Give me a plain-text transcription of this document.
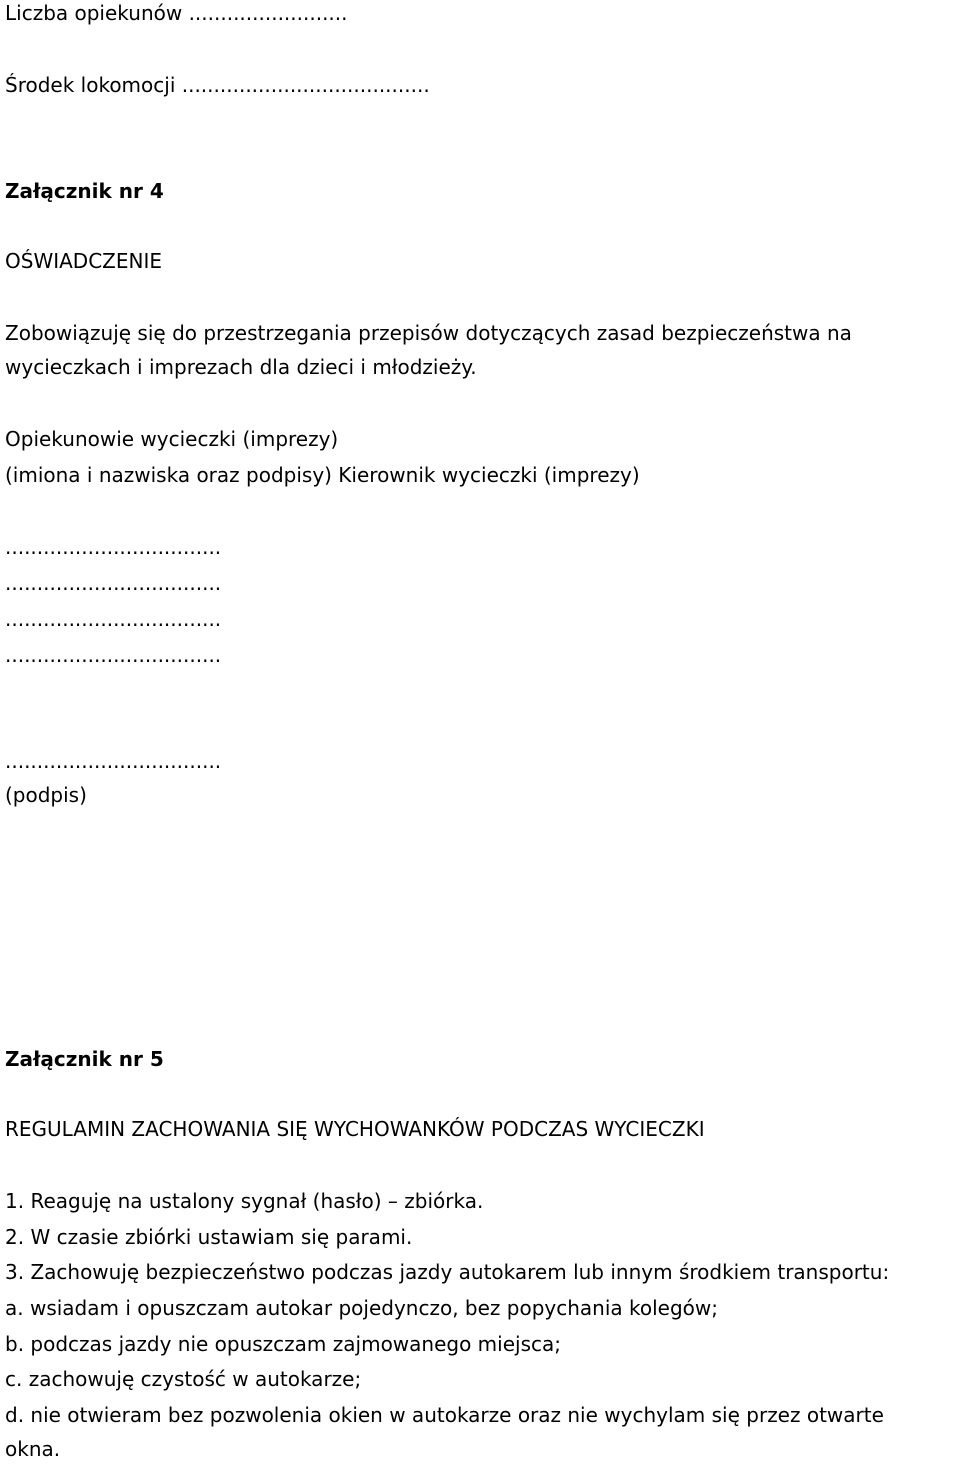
Liczba opiekunów .........................

Środek lokomocji .......................................

Załącznik nr 4

OŚWIADCZENIE

Zobowiązuję się do przestrzegania przepisów dotyczących zasad bezpieczeństwa na

wycieczkach i imprezach dla dzieci i młodzieży.

Opiekunowie wycieczki (imprezy)

(imiona i nazwiska oraz podpisy) Kierownik wycieczki (imprezy)

..................................

..................................

..................................

..................................

..................................

(podpis)

Załącznik nr 5

REGULAMIN ZACHOWANIA SIĘ WYCHOWANKÓW PODCZAS WYCIECZKI

1. Reaguję na ustalony sygnał (hasło) – zbiórka.

2. W czasie zbiórki ustawiam się parami.

3. Zachowuję bezpieczeństwo podczas jazdy autokarem lub innym środkiem transportu:

a. wsiadam i opuszczam autokar pojedynczo, bez popychania kolegów;

b. podczas jazdy nie opuszczam zajmowanego miejsca;

c. zachowuję czystość w autokarze;

d. nie otwieram bez pozwolenia okien w autokarze oraz nie wychylam się przez otwarte

okna.
